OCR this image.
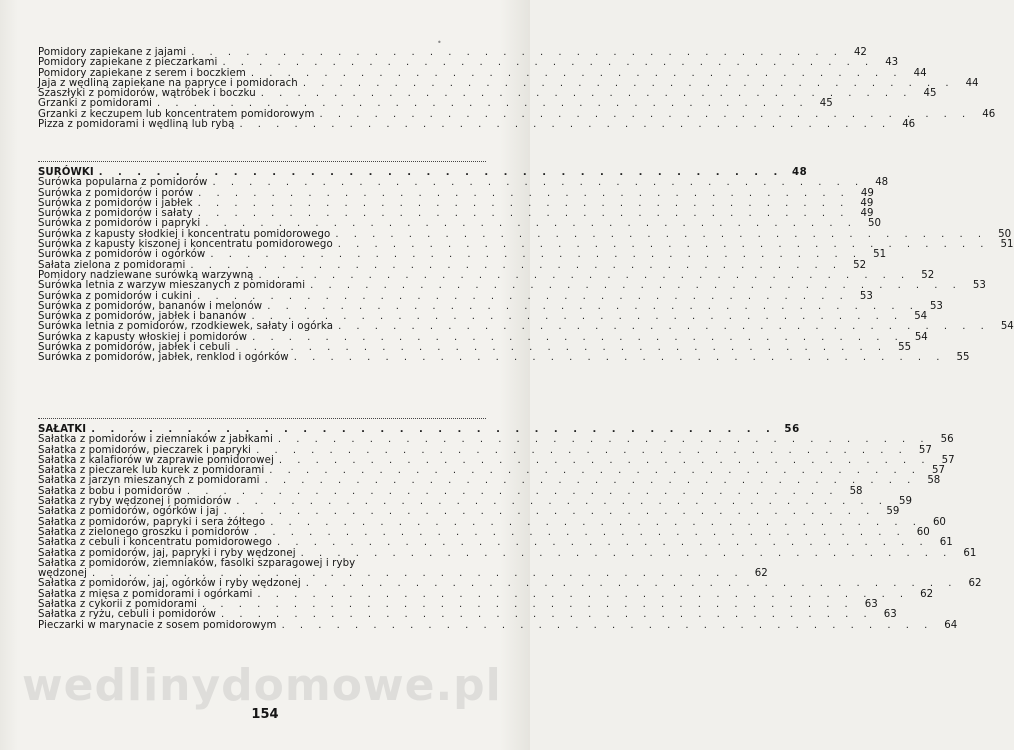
•
Pomidory zapiekane z jajami . . . . . . . . . . . . . . . . . . . . . . . . . . . . . . . . . . . .	42
Pomidory zapiekane z pieczarkami . . . . . . . . . . . . . . . . . . . . . . . . . . . . . . . . . . . .	43
Pomidory zapiekane z serem i boczkiem . . . . . . . . . . . . . . . . . . . . . . . . . . . . . . . . . . . .	44
Jaja z wędliną zapiekane na papryce i pomidorach . . . . . . . . . . . . . . . . . . . . . . . . . . . . . . . . . . . .	44
Szaszłyki z pomidorów, wątróbek i boczku . . . . . . . . . . . . . . . . . . . . . . . . . . . . . . . . . . . .	45
Grzanki z pomidorami . . . . . . . . . . . . . . . . . . . . . . . . . . . . . . . . . . . .	45
Grzanki z keczupem lub koncentratem pomidorowym . . . . . . . . . . . . . . . . . . . . . . . . . . . . . . . . . . . .	46
Pizza z pomidorami i wędliną lub rybą . . . . . . . . . . . . . . . . . . . . . . . . . . . . . . . . . . . .	46
SURÓWKI . . . . . . . . . . . . . . . . . . . . . . . . . . . . . . . . . . . . 48
Surówka popularna z pomidorów . . . . . . . . . . . . . . . . . . . . . . . . . . . . . . . . . . . .	48
Surówka z pomidorów i porów . . . . . . . . . . . . . . . . . . . . . . . . . . . . . . . . . . . .	49
Surówka z pomidorów i jabłek . . . . . . . . . . . . . . . . . . . . . . . . . . . . . . . . . . . .	49
Surówka z pomidorów i sałaty . . . . . . . . . . . . . . . . . . . . . . . . . . . . . . . . . . . .	49
Surówka z pomidorów i papryki . . . . . . . . . . . . . . . . . . . . . . . . . . . . . . . . . . . .	50
Surówka z kapusty słodkiej i koncentratu pomidorowego . . . . . . . . . . . . . . . . . . . . . . . . . . . . . . . . . . . .	50
Surówka z kapusty kiszonej i koncentratu pomidorowego . . . . . . . . . . . . . . . . . . . . . . . . . . . . . . . . . . . .	51
Surówka z pomidorów i ogórków . . . . . . . . . . . . . . . . . . . . . . . . . . . . . . . . . . . .	51
Sałata zielona z pomidorami . . . . . . . . . . . . . . . . . . . . . . . . . . . . . . . . . . . .	52
Pomidory nadziewane surówką warzywną . . . . . . . . . . . . . . . . . . . . . . . . . . . . . . . . . . . .	52
Surówka letnia z warzyw mieszanych z pomidorami . . . . . . . . . . . . . . . . . . . . . . . . . . . . . . . . . . . .	53
Surówka z pomidorów i cukini . . . . . . . . . . . . . . . . . . . . . . . . . . . . . . . . . . . .	53
Surówka z pomidorów, bananów i melonów . . . . . . . . . . . . . . . . . . . . . . . . . . . . . . . . . . . .	53
Surówka z pomidorów, jabłek i bananów . . . . . . . . . . . . . . . . . . . . . . . . . . . . . . . . . . . .	54
Surówka letnia z pomidorów, rzodkiewek, sałaty i ogórka . . . . . . . . . . . . . . . . . . . . . . . . . . . . . . . . . . . .	54
Surówka z kapusty włoskiej i pomidorów . . . . . . . . . . . . . . . . . . . . . . . . . . . . . . . . . . . .	54
Surówka z pomidorów, jabłek i cebuli . . . . . . . . . . . . . . . . . . . . . . . . . . . . . . . . . . . .	55
Surówka z pomidorów, jabłek, renklod i ogórków . . . . . . . . . . . . . . . . . . . . . . . . . . . . . . . . . . . .	55
SAŁATKI . . . . . . . . . . . . . . . . . . . . . . . . . . . . . . . . . . . . 56
Sałatka z pomidorów i ziemniaków z jabłkami . . . . . . . . . . . . . . . . . . . . . . . . . . . . . . . . . . . .	56
Sałatka z pomidorów, pieczarek i papryki . . . . . . . . . . . . . . . . . . . . . . . . . . . . . . . . . . . .	57
Sałatka z kalafiorów w zaprawie pomidorowej . . . . . . . . . . . . . . . . . . . . . . . . . . . . . . . . . . . .	57
Sałatka z pieczarek lub kurek z pomidorami . . . . . . . . . . . . . . . . . . . . . . . . . . . . . . . . . . . .	57
Sałatka z jarzyn mieszanych z pomidorami . . . . . . . . . . . . . . . . . . . . . . . . . . . . . . . . . . . .	58
Sałatka z bobu i pomidorów . . . . . . . . . . . . . . . . . . . . . . . . . . . . . . . . . . . .	58
Sałatka z ryby wędzonej i pomidorów . . . . . . . . . . . . . . . . . . . . . . . . . . . . . . . . . . . .	59
Sałatka z pomidorów, ogórków i jaj . . . . . . . . . . . . . . . . . . . . . . . . . . . . . . . . . . . .	59
Sałatka z pomidorów, papryki i sera żółtego . . . . . . . . . . . . . . . . . . . . . . . . . . . . . . . . . . . .	60
Sałatka z zielonego groszku i pomidorów . . . . . . . . . . . . . . . . . . . . . . . . . . . . . . . . . . . .	60
Sałatka z cebuli i koncentratu pomidorowego . . . . . . . . . . . . . . . . . . . . . . . . . . . . . . . . . . . .	61
Sałatka z pomidorów, jaj, papryki i ryby wędzonej . . . . . . . . . . . . . . . . . . . . . . . . . . . . . . . . . . . .	61
Sałatka z pomidorów, ziemniaków, fasolki szparagowej i ryby
wędzonej . . . . . . . . . . . . . . . . . . . . . . . . . . . . . . . . . . . .	62
Sałatka z pomidorów, jaj, ogórków i ryby wędzonej . . . . . . . . . . . . . . . . . . . . . . . . . . . . . . . . . . . .	62
Sałatka z mięsa z pomidorami i ogórkami . . . . . . . . . . . . . . . . . . . . . . . . . . . . . . . . . . . .	62
Sałatka z cykorii z pomidorami . . . . . . . . . . . . . . . . . . . . . . . . . . . . . . . . . . . .	63
Sałatka z ryżu, cebuli i pomidorów . . . . . . . . . . . . . . . . . . . . . . . . . . . . . . . . . . . .	63
Pieczarki w marynacie z sosem pomidorowym . . . . . . . . . . . . . . . . . . . . . . . . . . . . . . . . . . . .	64
wedlinydomowe.pl
154
